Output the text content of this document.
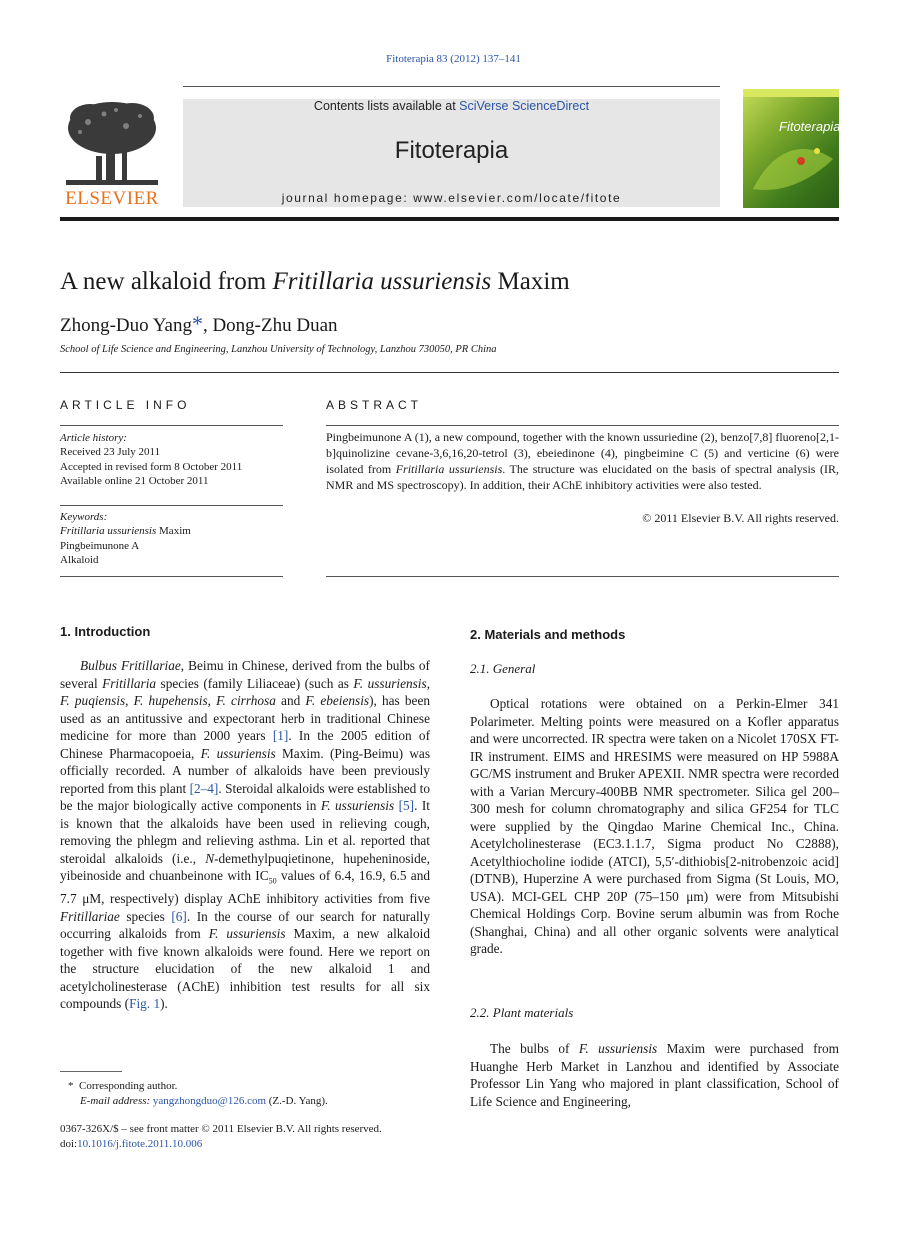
Fitoterapia 83 (2012) 137–141
ELSEVIER
Contents lists available at SciVerse ScienceDirect
Fitoterapia
journal homepage: www.elsevier.com/locate/fitote
Fitoterapia
A new alkaloid from Fritillaria ussuriensis Maxim
Zhong-Duo Yang*, Dong-Zhu Duan
School of Life Science and Engineering, Lanzhou University of Technology, Lanzhou 730050, PR China
ARTICLE INFO	ABSTRACT
Article history:
Received 23 July 2011
Accepted in revised form 8 October 2011
Available online 21 October 2011
Keywords:
Fritillaria ussuriensis Maxim
Pingbeimunone A
Alkaloid
Pingbeimunone A (1), a new compound, together with the known ussuriedine (2), benzo[7,8] fluoreno[2,1-b]quinolizine cevane-3,6,16,20-tetrol (3), ebeiedinone (4), pingbeimine C (5) and verticine (6) were isolated from Fritillaria ussuriensis. The structure was elucidated on the basis of spectral analysis (IR, NMR and MS spectroscopy). In addition, their AChE inhibitory activities were also tested.
© 2011 Elsevier B.V. All rights reserved.
1. Introduction

Bulbus Fritillariae, Beimu in Chinese, derived from the bulbs of several Fritillaria species (family Liliaceae) (such as F. ussuriensis, F. puqiensis, F. hupehensis, F. cirrhosa and F. ebeiensis), has been used as an antitussive and expectorant herb in traditional Chinese medicine for more than 2000 years [1]. In the 2005 edition of Chinese Pharmacopoeia, F. ussuriensis Maxim. (Ping-Beimu) was officially recorded. A number of alkaloids have been previously reported from this plant [2–4]. Steroidal alkaloids were established to be the major biologically active components in F. ussuriensis [5]. It is known that the alkaloids have been used in relieving cough, removing the phlegm and relieving asthma. Lin et al. reported that steroidal alkaloids (i.e., N-demethylpuqietinone, hupeheninoside, yibeinoside and chuanbeinone with $IC_{50}$ values of 6.4, 16.9, 6.5 and 7.7 μM, respectively) display AChE inhibitory activities from five Fritillariae species [6]. In the course of our search for naturally occurring alkaloids from F. ussuriensis Maxim, a new alkaloid together with five known alkaloids were found. Here we report on the structure elucidation of the new alkaloid 1 and acetylcholinesterase (AChE) inhibition test results for all six compounds (Fig. 1).

* Corresponding author.
E-mail address: yangzhongduo@126.com (Z.-D. Yang).
0367-326X/$ – see front matter © 2011 Elsevier B.V. All rights reserved.
doi:10.1016/j.fitote.2011.10.006
2. Materials and methods
2.1. General

Optical rotations were obtained on a Perkin-Elmer 341 Polarimeter. Melting points were measured on a Kofler apparatus and were uncorrected. IR spectra were taken on a Nicolet 170SX FT-IR instrument. EIMS and HRESIMS were measured on HP 5988A GC/MS instrument and Bruker APEXII. NMR spectra were recorded with a Varian Mercury-400BB NMR spectrometer. Silica gel 200–300 mesh for column chromatography and silica GF254 for TLC were supplied by the Qingdao Marine Chemical Inc., China. Acetylcholinesterase (EC3.1.1.7, Sigma product No C2888), Acetylthiocholine iodide (ATCI), 5,5′-dithiobis[2-nitrobenzoic acid] (DTNB), Huperzine A were purchased from Sigma (St Louis, MO, USA). MCI-GEL CHP 20P (75–150 μm) were from Mitsubishi Chemical Holdings Corp. Bovine serum albumin was from Roche (Shanghai, China) and all other organic solvents were analytical grade.

2.2. Plant materials

The bulbs of F. ussuriensis Maxim were purchased from Huanghe Herb Market in Lanzhou and identified by Associate Professor Lin Yang who majored in plant classification, School of Life Science and Engineering,
